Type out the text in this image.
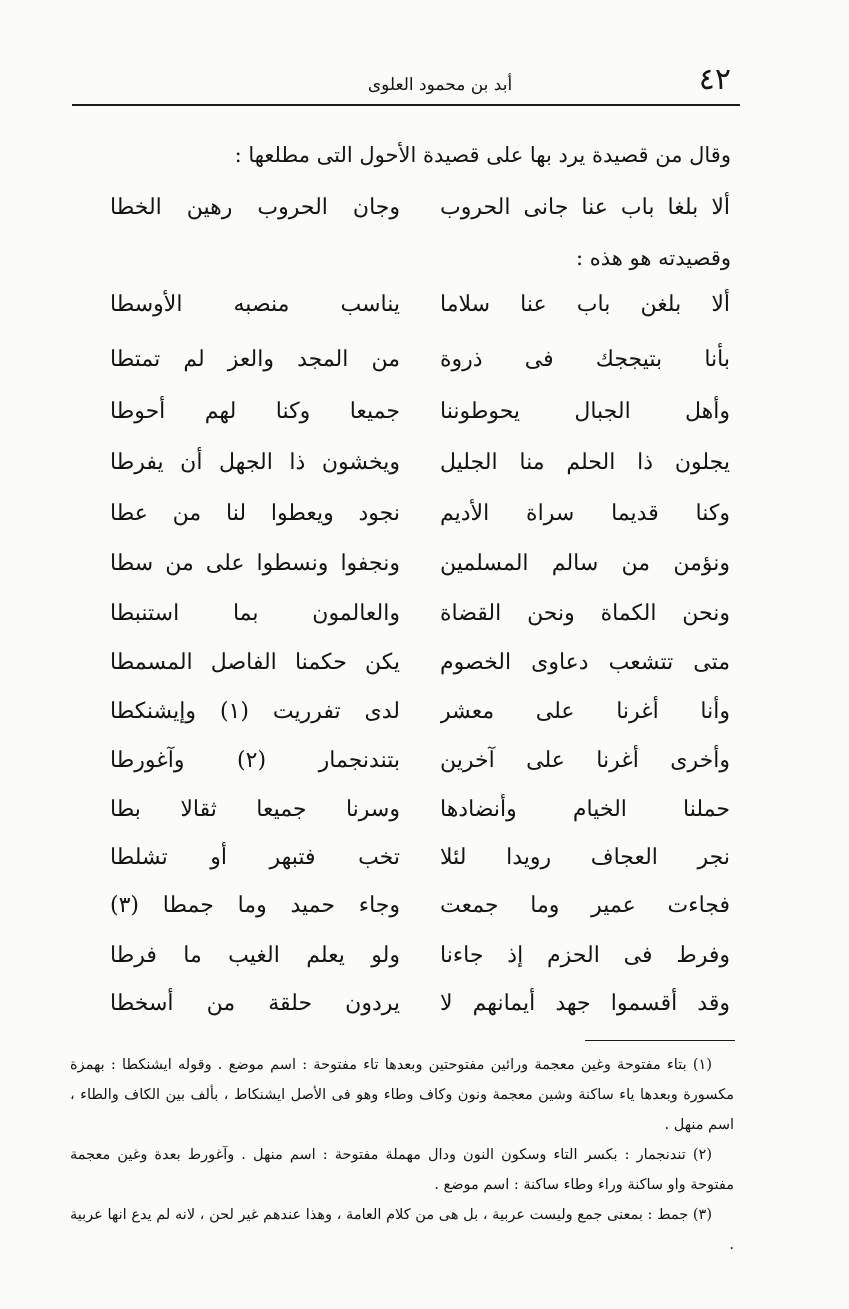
٤٢
أبد بن محمود العلوى
وقال من قصيدة يرد بها على قصيدة الأحول التى مطلعها :
ألا بلغا باب عنا جانى الحروب
وجان الحروب رهين الخطا
وقصيدته هو هذه :
ألا بلغن باب عنا سلاما
يناسب منصبه الأوسطا
بأنا بتيججك فى ذروة
من المجد والعز لم تمتطا
وأهل الجبال يحوطوننا
جميعا وكنا لهم أحوطا
يجلون ذا الحلم منا الجليل
ويخشون ذا الجهل أن يفرطا
وكنا قديما سراة الأديم
نجود ويعطوا لنا من عطا
ونؤمن من سالم المسلمين
ونجفوا ونسطوا على من سطا
ونحن الكماة ونحن القضاة
والعالمون بما استنبطا
متى تتشعب دعاوى الخصوم
يكن حكمنا الفاصل المسمطا
وأنا أغرنا على معشر
لدى تفرريت (١) وإيشنكطا
وأخرى أغرنا على آخرين
بتندنجمار (٢) وآغورطا
حملنا الخيام وأنضادها
وسرنا جميعا ثقالا بطا
نجر العجاف رويدا لئلا
تخب فتبهر أو تشلطا
فجاءت عمير وما جمعت
وجاء حميد وما جمطا (٣)
وفرط فى الحزم إذ جاءنا
ولو يعلم الغيب ما فرطا
وقد أقسموا جهد أيمانهم لا
يردون حلقة من أسخطا

(١) بتاء مفتوحة وغين معجمة ورائين مفتوحتين وبعدها تاء مفتوحة : اسم موضع . وقوله ايشنكطا : بهمزة مكسورة وبعدها ياء ساكنة وشين معجمة ونون وكاف وطاء وهو فى الأصل ايشنكاط ، بألف بين الكاف والطاء ، اسم منهل .

(٢) تندنجمار : بكسر التاء وسكون النون ودال مهملة مفتوحة : اسم منهل . وآغورط بعدة وغين معجمة مفتوحة واو ساكنة وراء وطاء ساكنة : اسم موضع .

(٣) جمط : بمعنى جمع وليست عربية ، بل هى من كلام العامة ، وهذا عندهم غير لحن ، لانه لم يدع انها عربية .
